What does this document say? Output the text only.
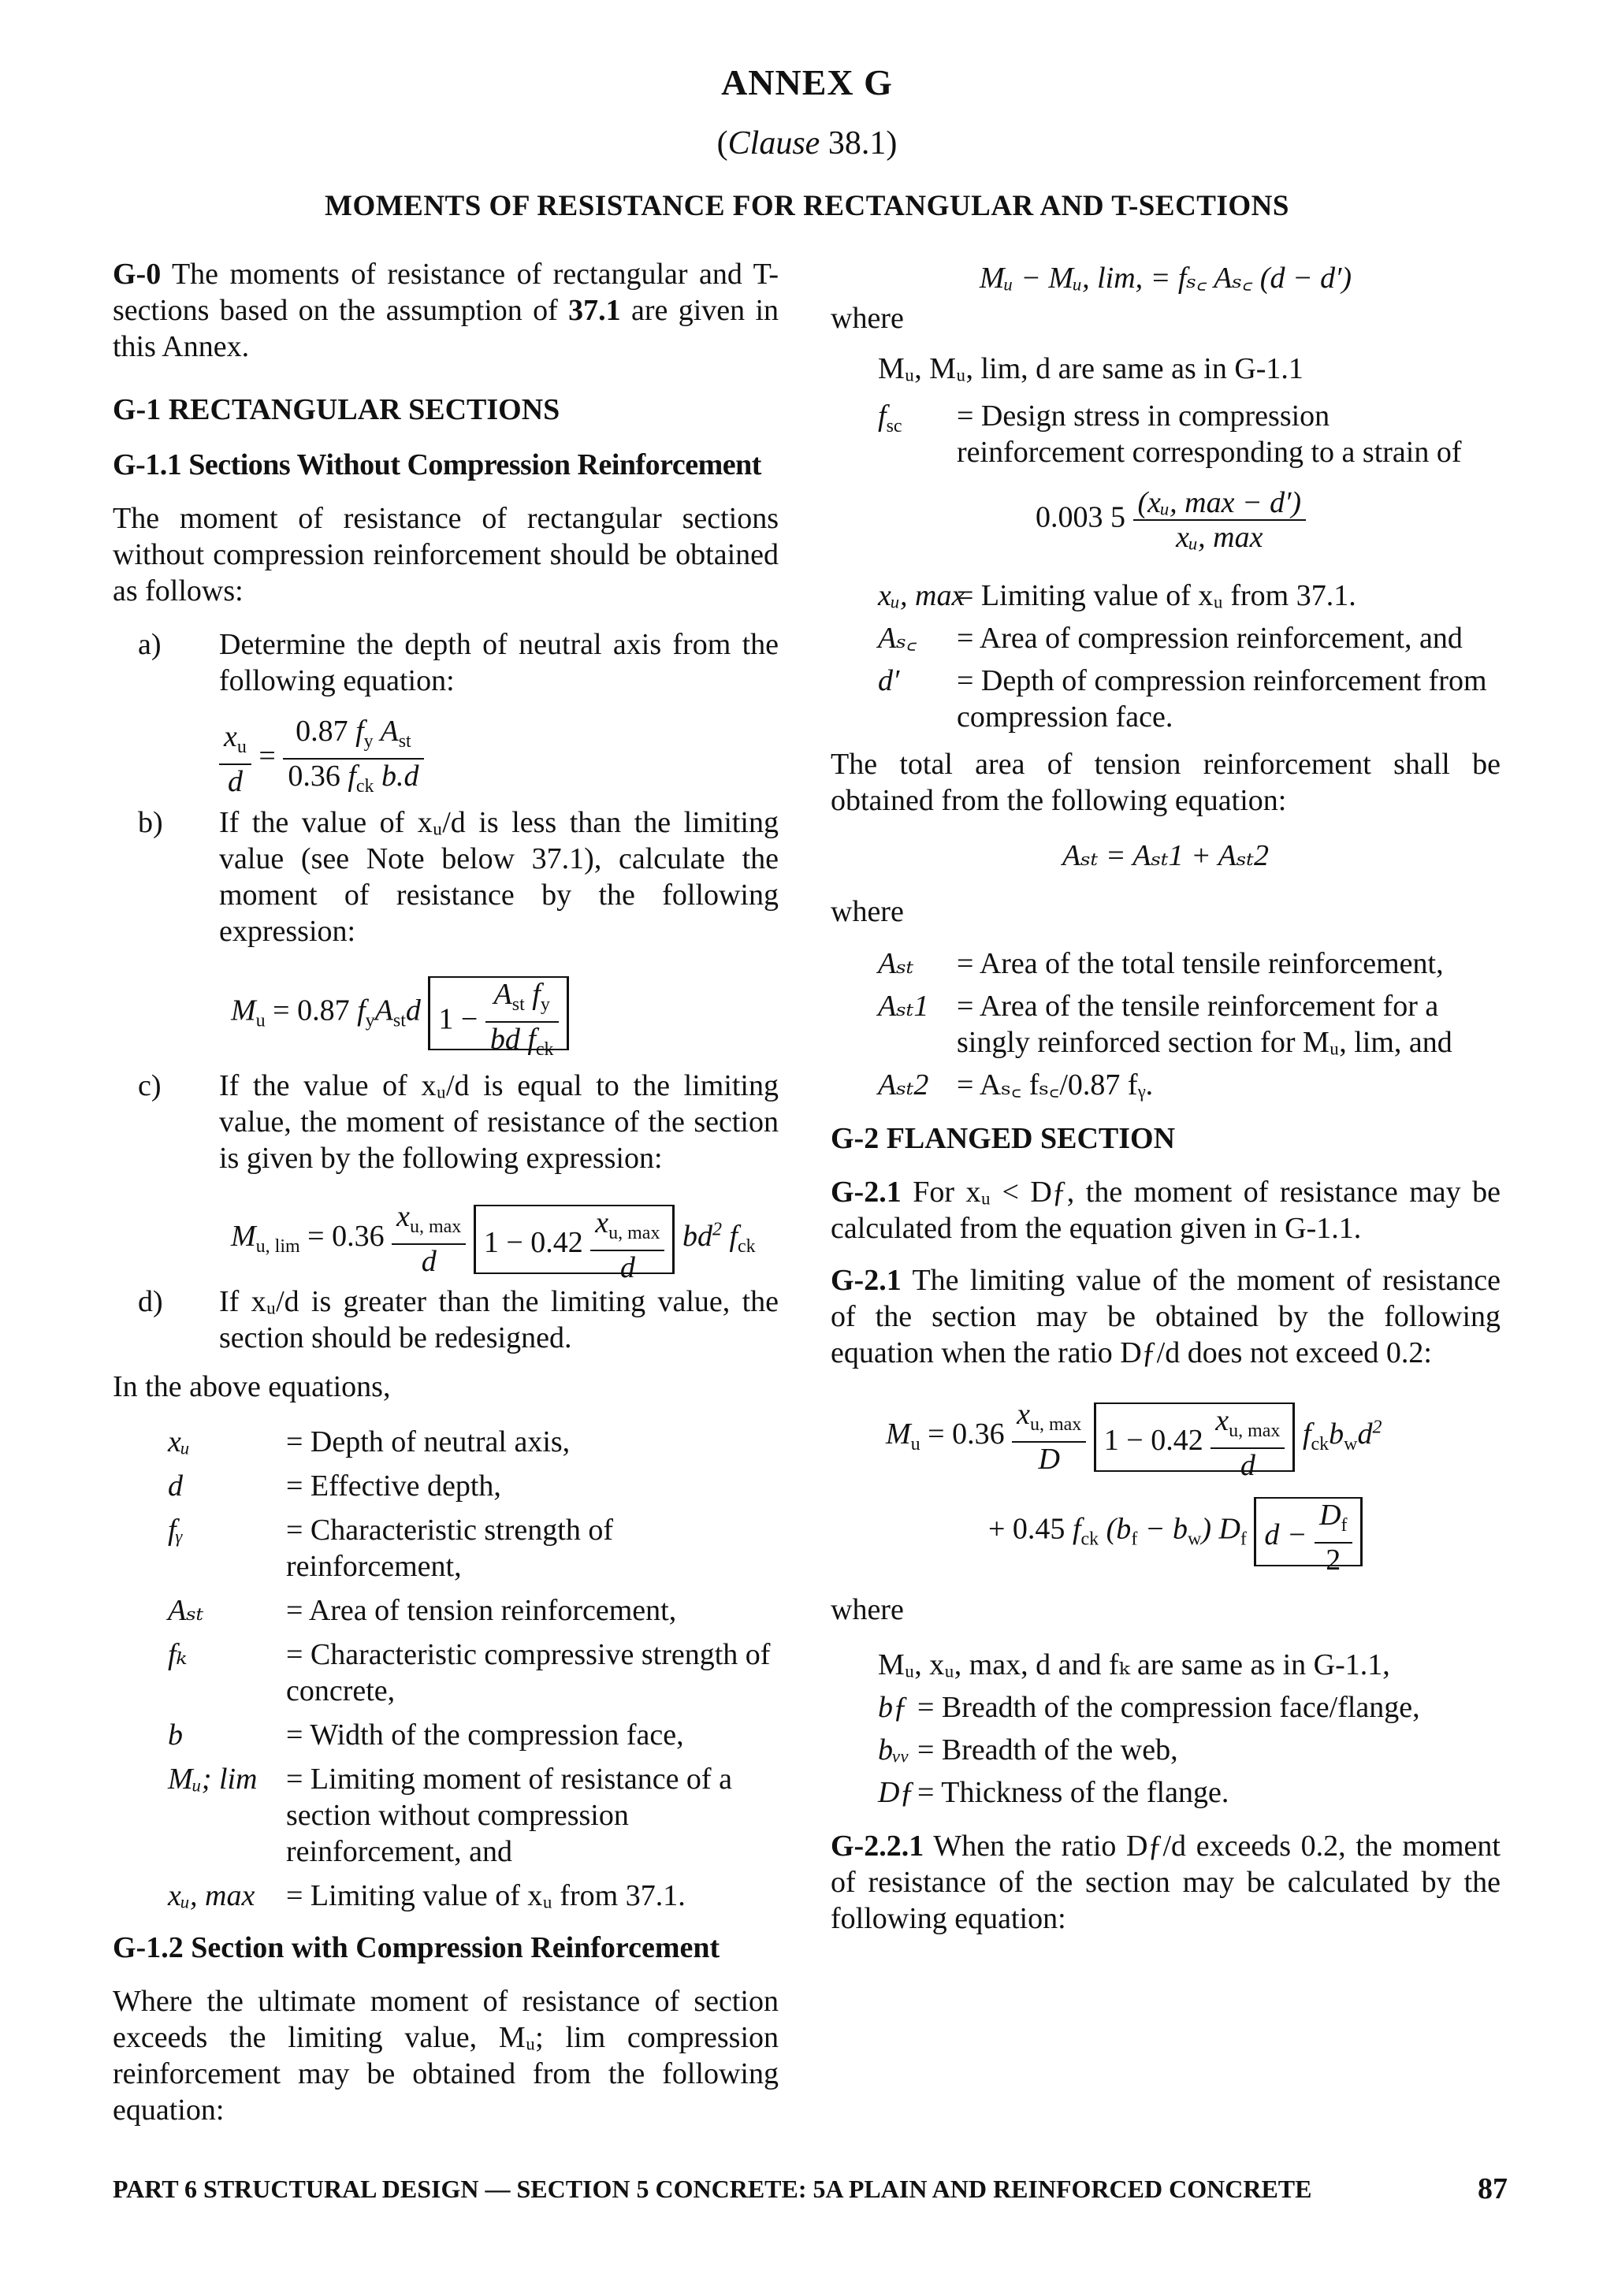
ANNEX G
(Clause 38.1)
MOMENTS OF RESISTANCE FOR RECTANGULAR AND T-SECTIONS

G-0 The moments of resistance of rectangular and T-sections based on the assumption of 37.1 are given in this Annex.

G-1 RECTANGULAR SECTIONS

G-1.1 Sections Without Compression Reinforcement

The moment of resistance of rectangular sections without compression reinforcement should be obtained as follows:

a) Determine the depth of neutral axis from the following equation:
$\frac{x_u}{d} = \frac{0.87 f_y A_{st}}{0.36 f_{ck} b.d}$
b) If the value of xᵤ/d is less than the limiting value (see Note below 37.1), calculate the moment of resistance by the following expression:
$M_u = 0.87$ $f_yA_{st}d$ $1 - \frac{A_{st} f_y}{bd f_{ck}}$
c) If the value of xᵤ/d is equal to the limiting value, the moment of resistance of the section is given by the following expression:
$M_{u, lim} = 0.36 \frac{x_{u, max}}{d} 1 - 0.42 \frac{x_{u, max}}{d} bd^2$ $f_{ck}$
d) If xᵤ/d is greater than the limiting value, the section should be redesigned.

In the above equations,

xᵤ	= Depth of neutral axis,
d	= Effective depth,
fᵧ	= Characteristic strength of reinforcement,
Aₛₜ	= Area of tension reinforcement,
fₖ	= Characteristic compressive strength of concrete,
b	= Width of the compression face,
Mᵤ; lim = Limiting moment of resistance of a section without compression reinforcement, and
xᵤ, max = Limiting value of xᵤ from 37.1.

G-1.2 Section with Compression Reinforcement

Where the ultimate moment of resistance of section exceeds the limiting value, Mᵤ; lim compression reinforcement may be obtained from the following equation:

Mᵤ − Mᵤ, lim, = fₛ꜀ Aₛ꜀ (d − d′)

where

Mᵤ, Mᵤ, lim, d are same as in G-1.1

$f_{sc}$ = Design stress in compression reinforcement corresponding to a strain of
0.003 $5 \frac{\text{(xᵤ, max − d′)}}{\text{xᵤ, max}}$
xᵤ, max
= Limiting value of xᵤ from 37.1.
Aₛ꜀ = Area of compression reinforcement, and
d′ = Depth of compression reinforcement from compression face.

The total area of tension reinforcement shall be obtained from the following equation:

Aₛₜ = Aₛₜ1 + Aₛₜ2

where

Aₛₜ = Area of the total tensile reinforcement,
Aₛₜ1 = Area of the tensile reinforcement for a singly reinforced section for Mᵤ, lim, and
Aₛₜ2 = Aₛ꜀ fₛ꜀/0.87 fᵧ.

G-2 FLANGED SECTION

G-2.1 For xᵤ < Dƒ, the moment of resistance may be calculated from the equation given in G-1.1.

G-2.1 The limiting value of the moment of resistance of the section may be obtained by the following equation when the ratio Dƒ/d does not exceed 0.2:

$M_u = 0.36 \frac{x_{u, max}}{D} 1 - 0.42 \frac{x_{u, max}}{d} f_{ck}b_wd^2$
+ 0.45 $f_{ck}$ $(b_f - b_w)$ $D_f$ $d - \frac{D_f}{2}$

where

Mᵤ, xᵤ, max, d and fₖ are same as in G-1.1,
bƒ = Breadth of the compression face/flange,
bᵥᵥ = Breadth of the web,
Dƒ = Thickness of the flange.

G-2.2.1 When the ratio Dƒ/d exceeds 0.2, the moment of resistance of the section may be calculated by the following equation:

PART 6 STRUCTURAL DESIGN — SECTION 5 CONCRETE: 5A PLAIN AND REINFORCED CONCRETE	87
